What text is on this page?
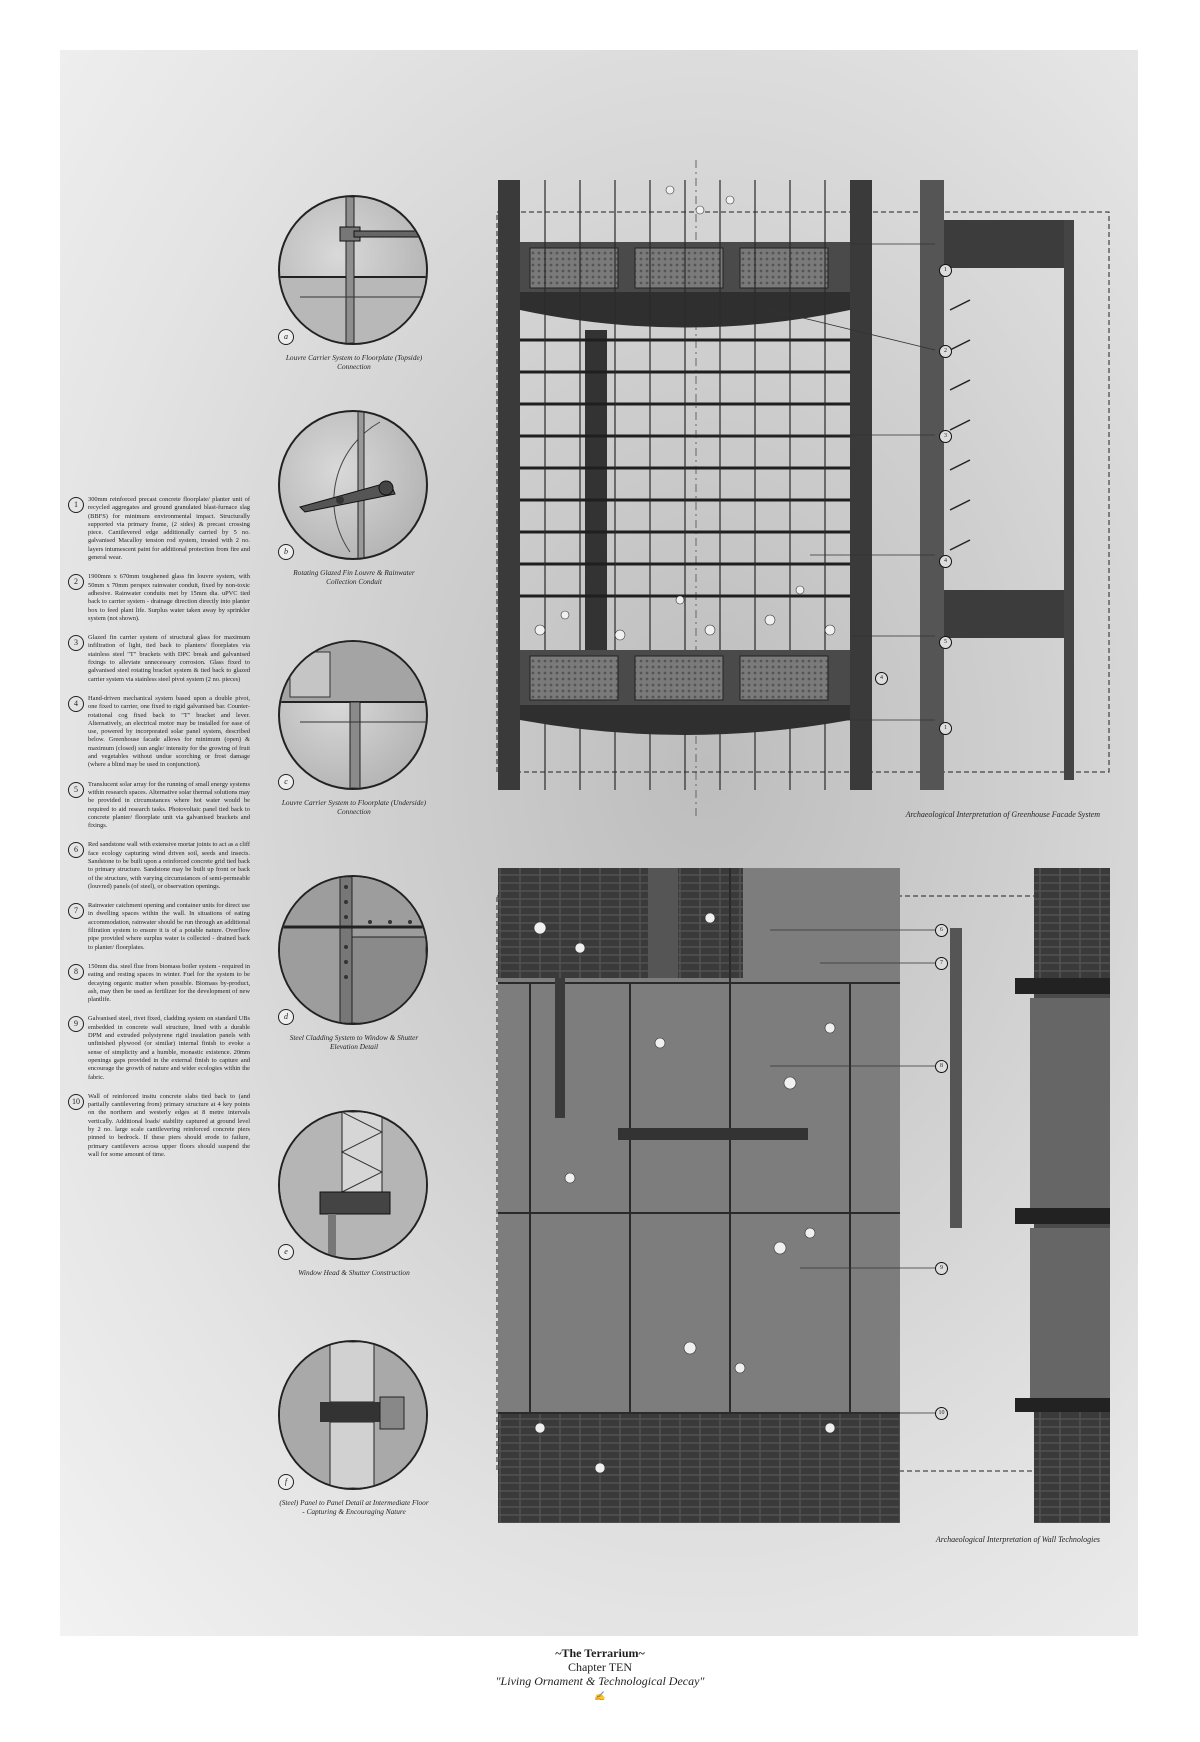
1
300mm reinforced precast concrete floorplate/ planter unit of recycled aggregates and ground granulated blast-furnace slag (BBFS) for minimum environmental impact. Structurally supported via primary frame, (2 sides) & precast crossing piece. Cantilevered edge additionally carried by 5 no. galvanised Macalloy tension rod system, treated with 2 no. layers intumescent paint for additional protection from fire and general wear.
2
1900mm x 670mm toughened glass fin louvre system, with 50mm x 70mm perspex rainwater conduit, fixed by non-toxic adhesive. Rainwater conduits met by 15mm dia. uPVC tied back to carrier system - drainage direction directly into planter box to feed plant life. Surplus water taken away by sprinkler system (not shown).
3
Glazed fin carrier system of structural glass for maximum infiltration of light, tied back to planters/ floorplates via stainless steel "T" brackets with DPC break and galvanised fixings to alleviate unnecessary corrosion. Glass fixed to galvanised steel rotating bracket system & tied back to glazed carrier system via stainless steel pivot system (2 no. pieces)
4
Hand-driven mechanical system based upon a double pivot, one fixed to carrier, one fixed to rigid galvanised bar. Counter-rotational cog fixed back to "T" bracket and lever. Alternatively, an electrical motor may be installed for ease of use, powered by incorporated solar panel system, described below. Greenhouse facade allows for minimum (open) & maximum (closed) sun angle/ intensity for the growing of fruit and vegetables without undue scorching or frost damage (where a blind may be used in conjunction).
5
Translucent solar array for the running of small energy systems within research spaces. Alternative solar thermal solutions may be provided in circumstances where hot water would be required to aid research tasks. Photovoltaic panel tied back to concrete planter/ floorplate unit via galvanised brackets and fixings.
6
Red sandstone wall with extensive mortar joints to act as a cliff face ecology capturing wind driven soil, seeds and insects. Sandstone to be built upon a reinforced concrete grid tied back to primary structure. Sandstone may be built up front or back of the structure, with varying circumstances of semi-permeable (louvred) panels (of steel), or observation openings.
7
Rainwater catchment opening and container units for direct use in dwelling spaces within the wall. In situations of eating accommodation, rainwater should be run through an additional filtration system to ensure it is of a potable nature. Overflow pipe provided where surplus water is collected - drained back to planter/ floorplates.
8
150mm dia. steel flue from biomass boiler system - required in eating and resting spaces in winter. Fuel for the system to be decaying organic matter when possible. Biomass by-product, ash, may then be used as fertilizer for the development of new plantlife.
9
Galvanised steel, rivet fixed, cladding system on standard UBs embedded in concrete wall structure, lined with a durable DPM and extruded polystyrene rigid insulation panels with unfinished plywood (or similar) internal finish to evoke a sense of simplicity and a humble, monastic existence. 20mm openings gaps provided in the external finish to capture and encourage the growth of nature and wider ecologies within the fabric.
10
Wall of reinforced insitu concrete slabs tied back to (and partially cantilevering from) primary structure at 4 key points on the northern and westerly edges at 8 metre intervals vertically. Additional loads/ stability captured at ground level by 2 no. large scale cantilevering reinforced concrete piers pinned to bedrock. If these piers should erode to failure, primary cantilevers across upper floors should suspend the wall for some amount of time.
a
Louvre Carrier System to Floorplate (Topside) Connection
b
Rotating Glazed Fin Louvre & Rainwater Collection Conduit
c
Louvre Carrier System to Floorplate (Underside) Connection
d
Steel Cladding System to Window & Shutter Elevation Detail
e
Window Head & Shutter Construction
f
(Steel) Panel to Panel Detail at Intermediate Floor - Capturing & Encouraging Nature
1
2
3
4
5
4
1
Archaeological Interpretation of Greenhouse Facade System
6
7
8
9
10
Archaeological Interpretation of Wall Technologies
~The Terrarium~
Chapter TEN
"Living Ornament & Technological Decay"
✍
